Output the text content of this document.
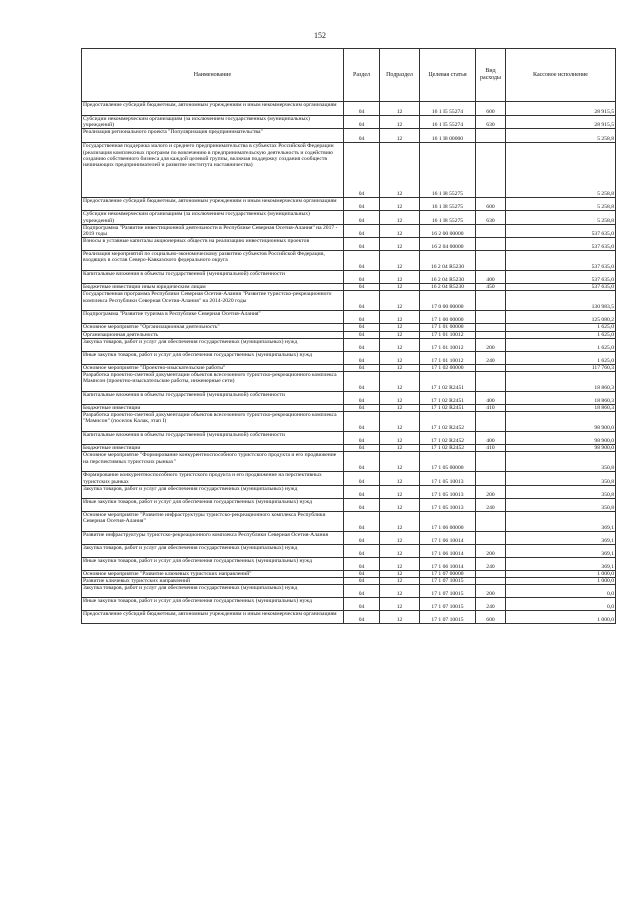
152
Наименование	Раздел	Подраздел	Целевая статья	Вид расходы	Кассовое исполнение
Предоставление субсидий бюджетным, автономным учреждениям и иным некоммерческим организациям	04	12	16 1 I5 55274	600	28 915,5
Субсидии некоммерческим организациям (за исключением государственных (муниципальных) учреждений)	04	12	16 1 I5 55274	630	28 915,5
Реализация регионального проекта "Популяризация предпринимательства"	04	12	16 1 I8 00000		5 258,8
Государственная поддержка малого и среднего предпринимательства в субъектах Российской Федерации (реализация комплексных программ по вовлечению в предпринимательскую деятельность и содействию созданию собственного бизнеса для каждой целевой группы, включая поддержку создания сообществ начинающих предпринимателей и развитие института наставничества)	04	12	16 1 I8 55275		5 258,8
Предоставление субсидий бюджетным, автономным учреждениям и иным некоммерческим организациям	04	12	16 1 I8 55275	600	5 258,8
Субсидии некоммерческим организациям (за исключением государственных (муниципальных) учреждений)	04	12	16 1 I8 55275	630	5 258,8
Подпрограмма "Развитие инвестиционной деятельности в Республике Северная Осетия-Алания" на 2017 - 2019 годы	04	12	16 2 00 00000		537 635,0
Взносы в уставные капиталы акционерных обществ на реализацию инвестиционных проектов	04	12	16 2 04 00000		537 635,0
Реализация мероприятий по социально-экономическому развитию субъектов Российской Федерации, входящих в состав Северо-Кавказского федерального округа	04	12	16 2 04 R5230		537 635,0
Капитальные вложения в объекты государственной (муниципальной) собственности	04	12	16 2 04 R5230	400	537 635,0
Бюджетные инвестиции иным юридическим лицам	04	12	16 2 04 R5230	450	537 635,0
Государственная программа Республики Северная Осетия-Алания "Развитие туристско-рекреационного комплекса Республики Северная Осетия-Алания" на 2014-2020 годы	04	12	17 0 00 00000		130 983,5
Подпрограмма "Развитие туризма в Республике Северная Осетия-Алания"	04	12	17 1 00 00000		125 080,2
Основное мероприятие "Организационная деятельность"	04	12	17 1 01 00000		1 625,0
Организационная деятельность	04	12	17 1 01 10012		1 625,0
Закупка товаров, работ и услуг для обеспечения государственных (муниципальных) нужд	04	12	17 1 01 10012	200	1 625,0
Иные закупки товаров, работ и услуг для обеспечения государственных (муниципальных) нужд	04	12	17 1 01 10012	240	1 625,0
Основное мероприятие "Проектно-изыскательские работы"	04	12	17 1 02 00000		117 760,3
Разработка проектно-сметной документации объектов всесезонного туристско-рекреационного комплекса Мамисон (проектно-изыскательские работы, инженерные сети)	04	12	17 1 02 R2451		18 860,3
Капитальные вложения в объекты государственной (муниципальной) собственности	04	12	17 1 02 R2451	400	18 860,3
Бюджетные инвестиции	04	12	17 1 02 R2451	410	18 860,3
Разработка проектно-сметной документации объектов всесезонного туристско-рекреационного комплекса "Мамисон" (поселок Калак, этап I)	04	12	17 1 02 R2452		98 900,0
Капитальные вложения в объекты государственной (муниципальной) собственности	04	12	17 1 02 R2452	400	98 900,0
Бюджетные инвестиции	04	12	17 1 02 R2452	410	98 900,0
Основное мероприятие "Формирование конкурентноспособного туристского продукта и его продвижение на перспективных туристских рынках"	04	12	17 1 05 00000		350,8
Формирование конкурентноспособного туристского продукта и его продвижение на перспективных туристских рынках	04	12	17 1 05 10013		350,8
Закупка товаров, работ и услуг для обеспечения государственных (муниципальных) нужд	04	12	17 1 05 10013	200	350,8
Иные закупки товаров, работ и услуг для обеспечения государственных (муниципальных) нужд	04	12	17 1 05 10013	240	350,8
Основное мероприятие "Развитие инфраструктуры туристско-рекреационного комплекса Республики Северная Осетия-Алания"	04	12	17 1 06 00000		369,1
Развитие инфраструктуры туристско-рекреационного комплекса Республики Северная Осетия-Алания	04	12	17 1 06 10014		369,1
Закупка товаров, работ и услуг для обеспечения государственных (муниципальных) нужд	04	12	17 1 06 10014	200	369,1
Иные закупки товаров, работ и услуг для обеспечения государственных (муниципальных) нужд	04	12	17 1 06 10014	240	369,1
Основное мероприятие "Развитие ключевых туристских направлений"	04	12	17 1 07 00000		1 000,0
Развитие ключевых туристских направлений	04	12	17 1 07 10015		1 000,0
Закупка товаров, работ и услуг для обеспечения государственных (муниципальных) нужд	04	12	17 1 07 10015	200	0,0
Иные закупки товаров, работ и услуг для обеспечения государственных (муниципальных) нужд	04	12	17 1 07 10015	240	0,0
Предоставление субсидий бюджетным, автономным учреждениям и иным некоммерческим организациям	04	12	17 1 07 10015	600	1 000,0
